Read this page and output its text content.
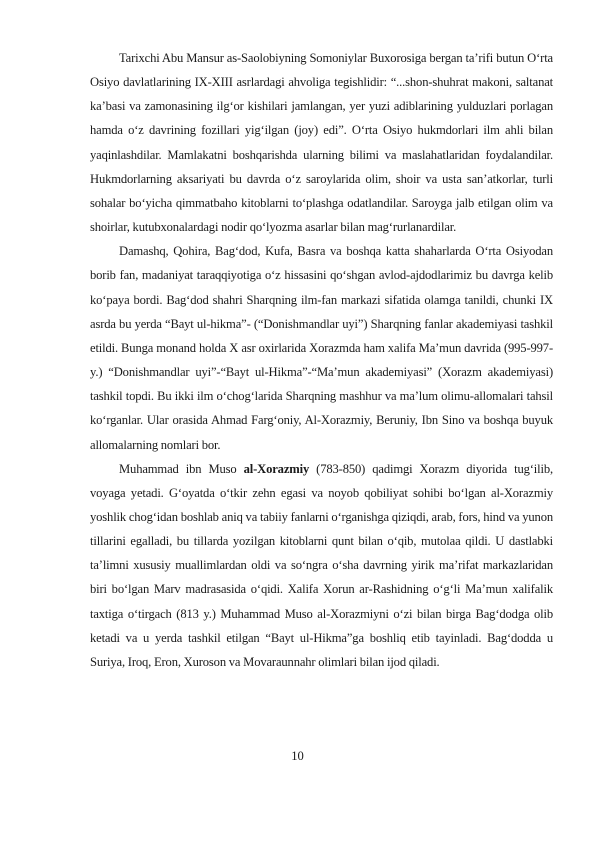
Tarixchi Abu Mansur as-Saolobiyning Somoniylar Buxorosiga bergan ta’rifi butun O‘rta Osiyo davlatlarining IX-XIII asrlardagi ahvoliga tegishlidir: “...shon-shuhrat makoni, saltanat ka’basi va zamonasining ilg‘or kishilari jamlangan, yer yuzi adiblarining yulduzlari porlagan hamda o‘z davrining fozillari yig‘ilgan (joy) edi”. O‘rta Osiyo hukmdorlari ilm ahli bilan yaqinlashdilar. Mamlakatni boshqarishda ularning bilimi va maslahatlaridan foydalandilar. Hukmdorlarning aksariyati bu davrda o‘z saroylarida olim, shoir va usta san’atkorlar, turli sohalar bo‘yicha qimmatbaho kitoblarni to‘plashga odatlandilar. Saroyga jalb etilgan olim va shoirlar, kutubxonalardagi nodir qo‘lyozma asarlar bilan mag‘rurlanardilar.

Damashq, Qohira, Bag‘dod, Kufa, Basra va boshqa katta shaharlarda O‘rta Osiyodan borib fan, madaniyat taraqqiyotiga o‘z hissasini qo‘shgan avlod-ajdodlarimiz bu davrga kelib ko‘paya bordi. Bag‘dod shahri Sharqning ilm-fan markazi sifatida olamga tanildi, chunki IX asrda bu yerda “Bayt ul-hikma”- (“Donishmandlar uyi”) Sharqning fanlar akademiyasi tashkil etildi. Bunga monand holda X asr oxirlarida Xorazmda ham xalifa Ma’mun davrida (995-997-y.) “Donishmandlar uyi”-“Bayt ul-Hikma”-“Ma’mun akademiyasi” (Xorazm akademiyasi) tashkil topdi. Bu ikki ilm o‘chog‘larida Sharqning mashhur va ma’lum olimu-allomalari tahsil ko‘rganlar. Ular orasida Ahmad Farg‘oniy, Al-Xorazmiy, Beruniy, Ibn Sino va boshqa buyuk allomalarning nomlari bor.

Muhammad ibn Muso al-Xorazmiy (783-850) qadimgi Xorazm diyorida tug‘ilib, voyaga yetadi. G‘oyatda o‘tkir zehn egasi va noyob qobiliyat sohibi bo‘lgan al-Xorazmiy yoshlik chog‘idan boshlab aniq va tabiiy fanlarni o‘rganishga qiziqdi, arab, fors, hind va yunon tillarini egalladi, bu tillarda yozilgan kitoblarni qunt bilan o‘qib, mutolaa qildi. U dastlabki ta’limni xususiy muallimlardan oldi va so‘ngra o‘sha davrning yirik ma’rifat markazlaridan biri bo‘lgan Marv madrasasida o‘qidi. Xalifa Xorun ar-Rashidning o‘g‘li Ma’mun xalifalik taxtiga o‘tirgach (813 y.) Muhammad Muso al-Xorazmiyni o‘zi bilan birga Bag‘dodga olib ketadi va u yerda tashkil etilgan “Bayt ul-Hikma”ga boshliq etib tayinladi. Bag‘dodda u Suriya, Iroq, Eron, Xuroson va Movaraunnahr olimlari bilan ijod qiladi.

10
